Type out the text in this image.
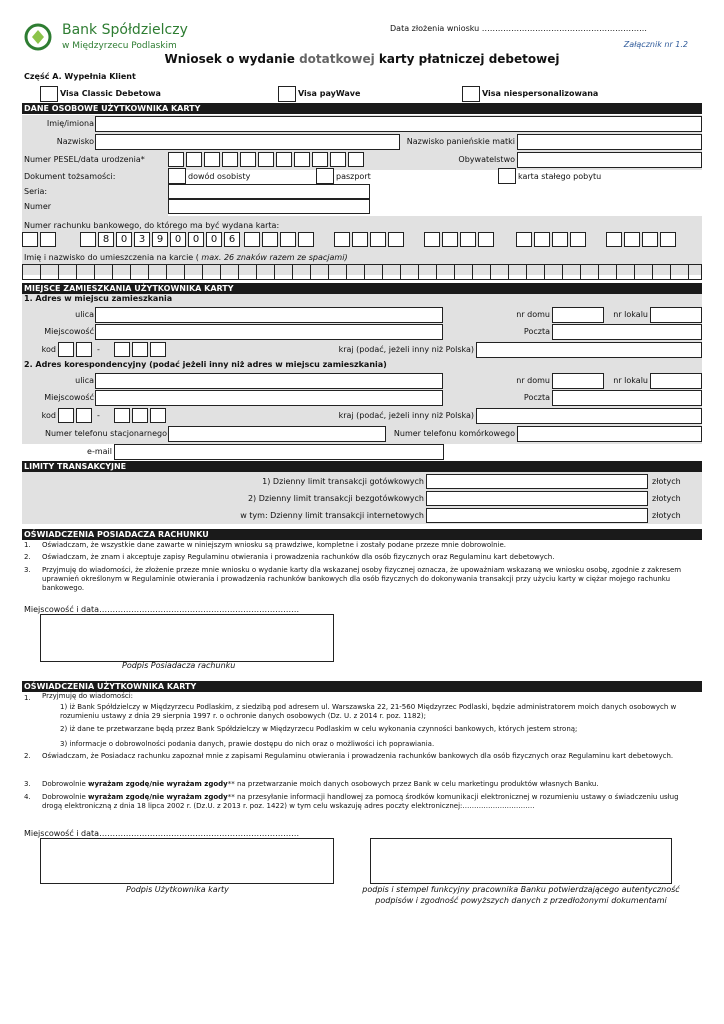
Bank Spółdzielczy
w Międzyrzecu Podlaskim
Data złożenia wniosku ……………………………………………………..
Załącznik nr 1.2
Wniosek o wydanie dotatkowej karty płatniczej debetowej
Część A. Wypełnia Klient
Visa Classic Debetowa	Visa payWave	Visa niespersonalizowana
DANE OSOBOWE UŻYTKOWNIKA KARTY
Imię/imiona
Nazwisko	Nazwisko panieńskie matki
Numer PESEL/data urodzenia*	Obywatelstwo
Dokument tożsamości:	dowód osobisty	paszport	karta stałego pobytu
Seria:
Numer
Numer rachunku bankowego, do którego ma być wydana karta:
8	0	3	9	0	0	0	6
Imię i nazwisko do umieszczenia na karcie ( max. 26 znaków razem ze spacjami)
MIEJSCE ZAMIESZKANIA UŻYTKOWNIKA KARTY
1. Adres w miejscu zamieszkania
ulica	nr domu	nr lokalu
Miejscowość	Poczta
kod	-	kraj (podać, jeżeli inny niż Polska)
2. Adres korespondencyjny (podać jeżeli inny niż adres w miejscu zamieszkania)
ulica	nr domu	nr lokalu
Miejscowość	Poczta
kod	-	kraj (podać, jeżeli inny niż Polska)
Numer telefonu stacjonarnego	Numer telefonu komórkowego
e-mail
LIMITY TRANSAKCYJNE
1) Dzienny limit transakcji gotówkowych	złotych
2) Dzienny limit transakcji bezgotówkowych	złotych
w tym: Dzienny limit transakcji internetowych	złotych
OŚWIADCZENIA POSIADACZA RACHUNKU
1. Oświadczam, że wszystkie dane zawarte w niniejszym wniosku są prawdziwe, kompletne i zostały podane przeze mnie dobrowolnie.
2. Oświadczam, że znam i akceptuje zapisy Regulaminu otwierania i prowadzenia rachunków dla osób fizycznych oraz Regulaminu kart debetowych.
3. Przyjmuję do wiadomości, że złożenie przeze mnie wniosku o wydanie karty dla wskazanej osoby fizycznej oznacza, że upoważniam wskazaną we wniosku osobę, zgodnie z zakresem uprawnień określonym w Regulaminie otwierania i prowadzenia rachunków bankowych dla osób fizycznych do dokonywania transakcji przy użyciu karty w ciężar mojego rachunku bankowego.
Miejscowość i data…………………………………………………………………
Podpis Posiadacza rachunku
OŚWIADCZENIA UŻYTKOWNIKA KARTY
1. Przyjmuję do wiadomości:
1) iż Bank Spółdzielczy w Międzyrzecu Podlaskim, z siedzibą pod adresem ul. Warszawska 22, 21-560 Międzyrzec Podlaski, będzie administratorem moich danych osobowych w rozumieniu ustawy z dnia 29 sierpnia 1997 r. o ochronie danych osobowych (Dz. U. z 2014 r. poz. 1182);
2) iż dane te przetwarzane będą przez Bank Spółdzielczy w Międzyrzecu Podlaskim w celu wykonania czynności bankowych, których jestem stroną;
3) informacje o dobrowolności podania danych, prawie dostępu do nich oraz o możliwości ich poprawiania.
2. Oświadczam, że Posiadacz rachunku zapoznał mnie z zapisami Regulaminu otwierania i prowadzenia rachunków bankowych dla osób fizycznych oraz Regulaminu kart debetowych.
3. Dobrowolnie wyrażam zgodę/nie wyrażam zgody** na przetwarzanie moich danych osobowych przez Bank w celu marketingu produktów własnych Banku.
4. Dobrowolnie wyrażam zgodę/nie wyrażam zgody** na przesyłanie informacji handlowej za pomocą środków komunikacji elektronicznej w rozumieniu ustawy o świadczeniu usług drogą elektroniczną z dnia 18 lipca 2002 r. (Dz.U. z 2013 r. poz. 1422) w tym celu wskazuję adres poczty elektronicznej:……………….…………
Miejscowość i data…………………………………………………………………
Podpis Użytkownika karty	podpis i stempel funkcyjny pracownika Banku potwierdzającego autentyczność
podpisów i zgodność powyższych danych z przedłożonymi dokumentami
